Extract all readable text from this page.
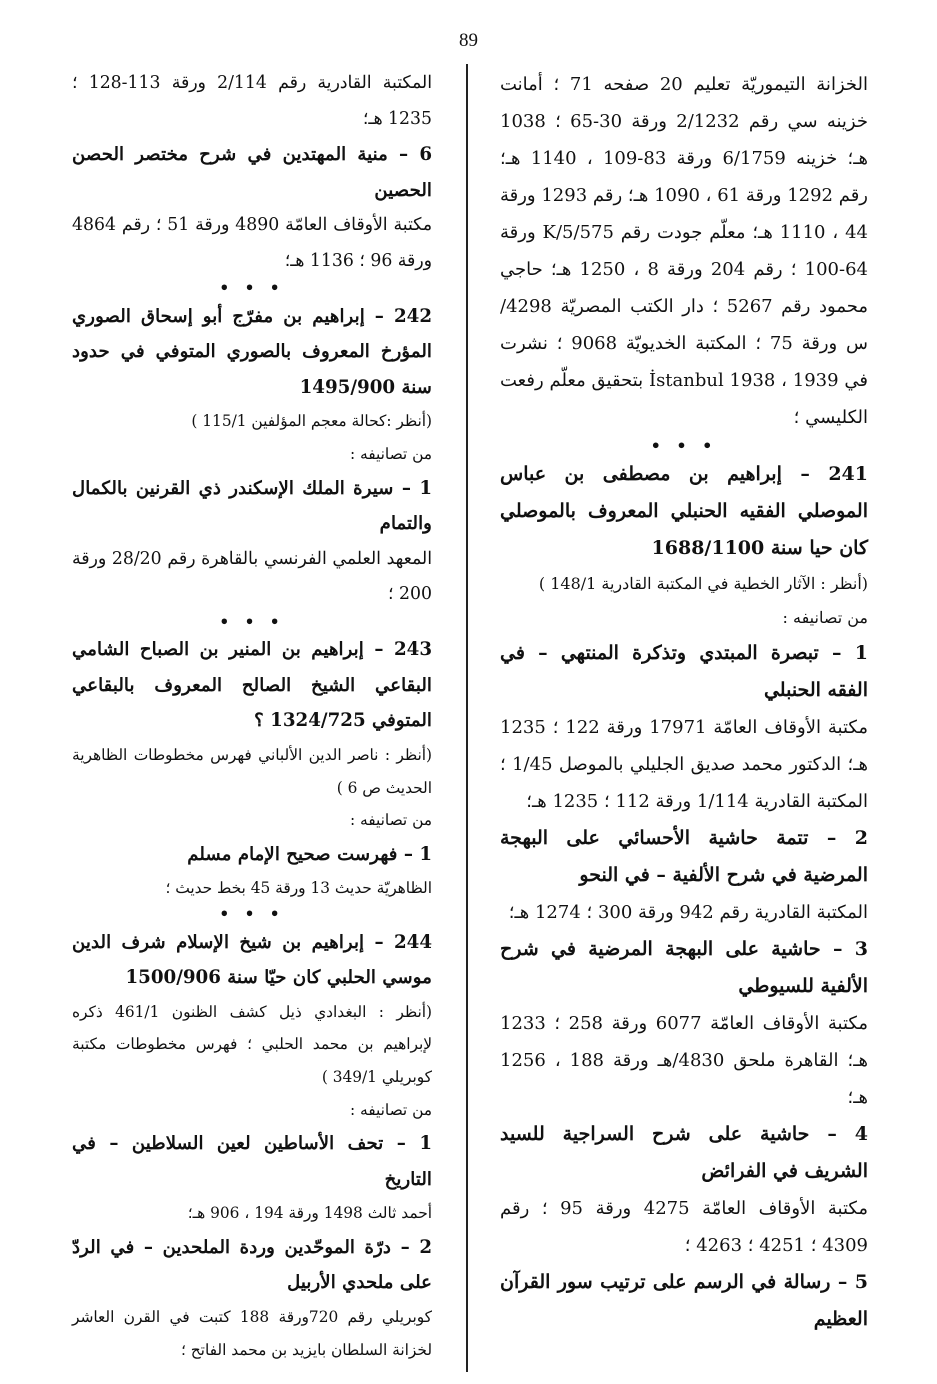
89
الخزانة التيموريّة تعليم 20 صفحه 71 ؛ أمانت خزينه سي رقم 2/1232 ورقة 30-65 ؛ 1038 هـ؛ خزينه 6/1759 ورقة 83-109 ، 1140 هـ؛ رقم 1292 ورقة 61 ، 1090 هـ؛ رقم 1293 ورقة 44 ، 1110 هـ؛ معلّم جودت رقم 5/575/K ورقة 64-100 ؛ رقم 204 ورقة 8 ، 1250 هـ؛ حاجي محمود رقم 5267 ؛ دار الكتب المصريّة 4298/س ورقة 75 ؛ المكتبة الخديويّة 9068 ؛ نشرت في İstanbul 1938 ، 1939 بتحقيق معلّم رفعت الكليسي ؛
• • •
241 – إبراهيم بن مصطفى بن عباس الموصلي الفقيه الحنبلي المعروف بالموصلي كان حيا سنة 1688/1100
(أنظر : الآثار الخطية في المكتبة القادرية 148/1 )
من تصانيفه :
1 – تبصرة المبتدي وتذكرة المنتهي – في الفقه الحنبلي
مكتبة الأوقاف العامّة 17971 ورقة 122 ؛ 1235 هـ؛ الدكتور محمد صديق الجليلي بالموصل 1/45 ؛ المكتبة القادرية 1/114 ورقة 112 ؛ 1235 هـ؛
2 – تتمة حاشية الأحسائي على البهجة المرضية في شرح الألفية – في النحو
المكتبة القادرية رقم 942 ورقة 300 ؛ 1274 هـ؛
3 – حاشية على البهجة المرضية في شرح الألفية للسيوطي
مكتبة الأوقاف العامّة 6077 ورقة 258 ؛ 1233 هـ؛ القاهرة ملحق 4830/هـ ورقة 188 ، 1256 هـ؛
4 – حاشية على شرح السراجية للسيد الشريف في الفرائض
مكتبة الأوقاف العامّة 4275 ورقة 95 ؛ رقم 4309 ؛ 4251 ؛ 4263 ؛
5 – رسالة في الرسم على ترتيب سور القرآن العظيم
المكتبة القادرية رقم 2/114 ورقة 113-128 ؛ 1235 هـ؛
6 – منية المهتدين في شرح مختصر الحصن الحصين
مكتبة الأوقاف العامّة 4890 ورقة 51 ؛ رقم 4864 ورقة 96 ؛ 1136 هـ؛
• • •
242 – إبراهيم بن مفرّج أبو إسحاق الصوري المؤرخ المعروف بالصوري المتوفي في حدود سنة 1495/900
(أنظر :كحالة معجم المؤلفين 115/1 )
من تصانيفه :
1 – سيرة الملك الإسكندر ذي القرنين بالكمال والتمام
المعهد العلمي الفرنسي بالقاهرة رقم 28/20 ورقة 200 ؛
• • •
243 – إبراهيم بن المنير بن الصباح الشامي البقاعي الشيخ الصالح المعروف بالبقاعي المتوفي 1324/725 ؟
(أنظر : ناصر الدين الألباني فهرس مخطوطات الظاهرية الحديث ص 6 )
من تصانيفه :
1 – فهرست صحيح الإمام مسلم
الظاهريّة حديث 13 ورقة 45 بخط حديث ؛
• • •
244 – إبراهيم بن شيخ الإسلام شرف الدين موسي الحلبي كان حيّا سنة 1500/906
(أنظر : البغدادي ذيل كشف الظنون 461/1 ذكره لإبراهيم بن محمد الحلبي ؛ فهرس مخطوطات مكتبة كوبريلي 349/1 )
من تصانيفه :
1 – تحف الأساطين لعين السلاطين – في التاريخ
أحمد ثالث 1498 ورقة 194 ، 906 هـ؛
2 – درّة الموحّدين وردة الملحدين – في الردّ على ملحدي الأربيل
كوبريلي رقم 720ورقة 188 كتبت في القرن العاشر لخزانة السلطان بايزيد بن محمد الفاتح ؛
